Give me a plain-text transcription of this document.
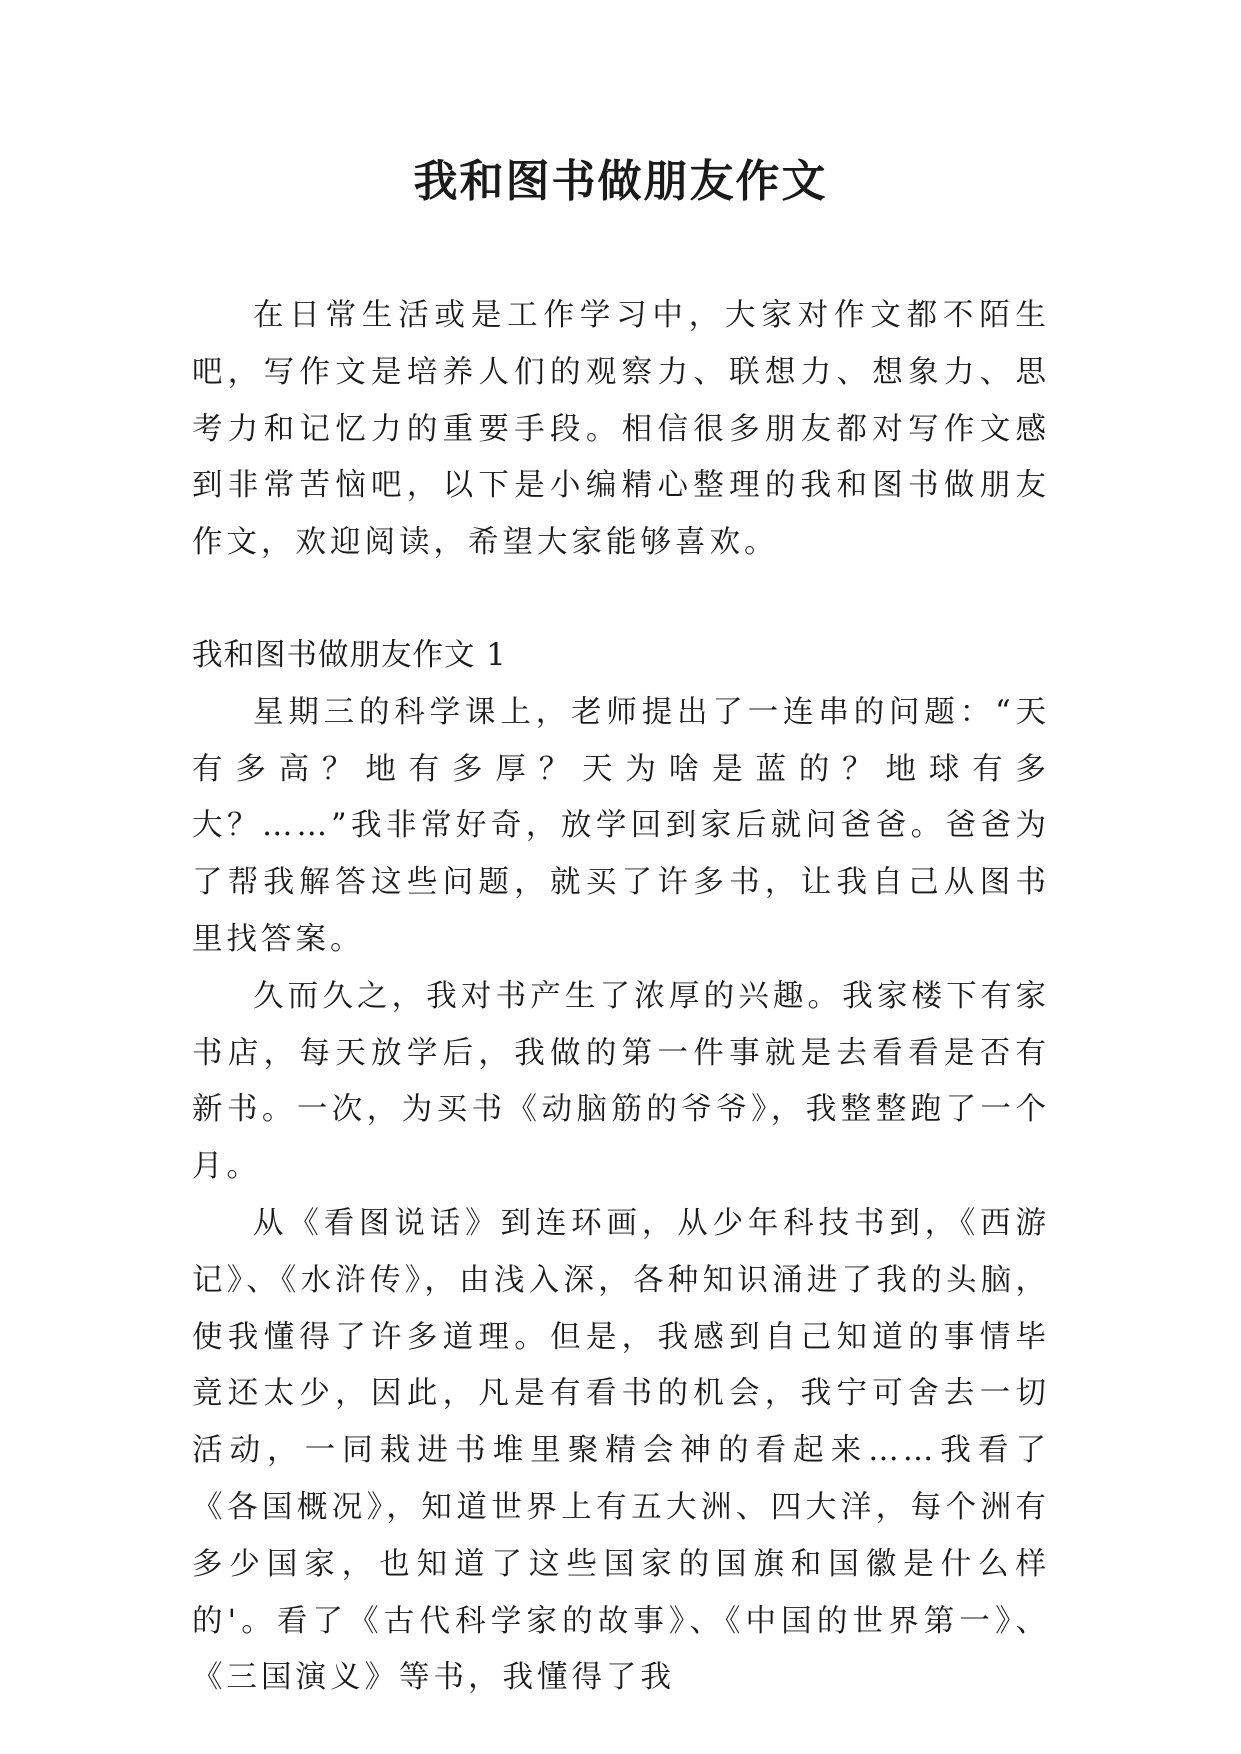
我和图书做朋友作文

在日常生活或是工作学习中，大家对作文都不陌生吧，写作文是培养人们的观察力、联想力、想象力、思考力和记忆力的重要手段。相信很多朋友都对写作文感到非常苦恼吧，以下是小编精心整理的我和图书做朋友作文，欢迎阅读，希望大家能够喜欢。

我和图书做朋友作文 1

星期三的科学课上，老师提出了一连串的问题：“天有多高？地有多厚？天为啥是蓝的？地球有多大？……”我非常好奇，放学回到家后就问爸爸。爸爸为了帮我解答这些问题，就买了许多书，让我自己从图书里找答案。

久而久之，我对书产生了浓厚的兴趣。我家楼下有家书店，每天放学后，我做的第一件事就是去看看是否有新书。一次，为买书《动脑筋的爷爷》，我整整跑了一个月。

从《看图说话》到连环画，从少年科技书到，《西游记》、《水浒传》，由浅入深，各种知识涌进了我的头脑，使我懂得了许多道理。但是，我感到自己知道的事情毕竟还太少，因此，凡是有看书的机会，我宁可舍去一切活动，一同栽进书堆里聚精会神的看起来……我看了《各国概况》，知道世界上有五大洲、四大洋，每个洲有多少国家，也知道了这些国家的国旗和国徽是什么样的'。看了《古代科学家的故事》、《中国的世界第一》、《三国演义》等书，我懂得了我
